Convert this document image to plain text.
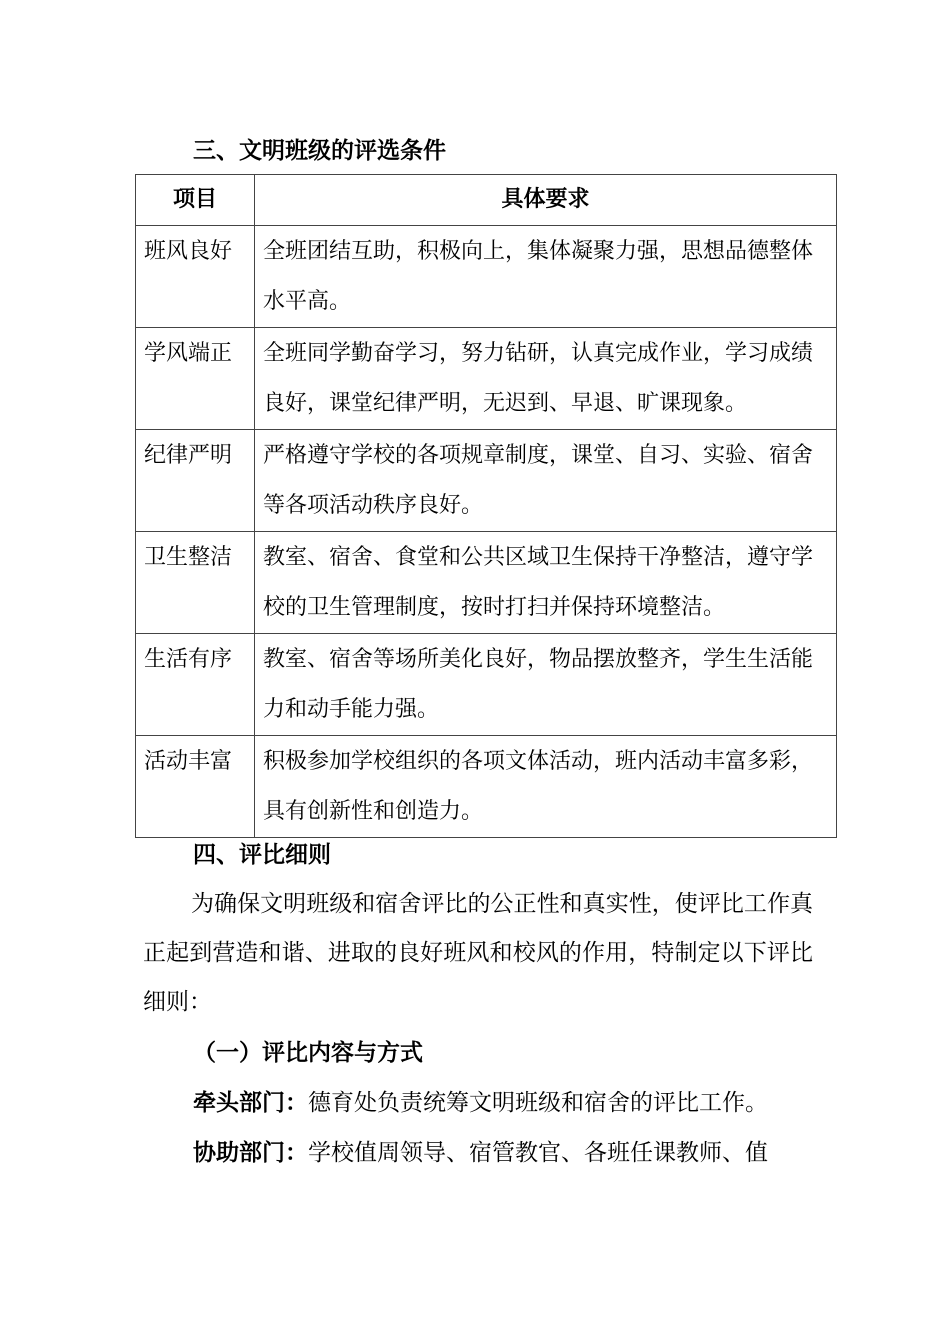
三、文明班级的评选条件
项目	具体要求
班风良好	全班团结互助，积极向上，集体凝聚力强，思想品德整体水平高。

学风端正	全班同学勤奋学习，努力钻研，认真完成作业，学习成绩良好，课堂纪律严明，无迟到、早退、旷课现象。

纪律严明	严格遵守学校的各项规章制度，课堂、自习、实验、宿舍等各项活动秩序良好。

卫生整洁	教室、宿舍、食堂和公共区域卫生保持干净整洁，遵守学校的卫生管理制度，按时打扫并保持环境整洁。

生活有序	教室、宿舍等场所美化良好，物品摆放整齐，学生生活能力和动手能力强。

活动丰富	积极参加学校组织的各项文体活动，班内活动丰富多彩，具有创新性和创造力。
四、评比细则
为确保文明班级和宿舍评比的公正性和真实性，使评比工作真正起到营造和谐、进取的良好班风和校风的作用，特制定以下评比细则：
（一）评比内容与方式
牵头部门：德育处负责统筹文明班级和宿舍的评比工作。
协助部门：学校值周领导、宿管教官、各班任课教师、值
